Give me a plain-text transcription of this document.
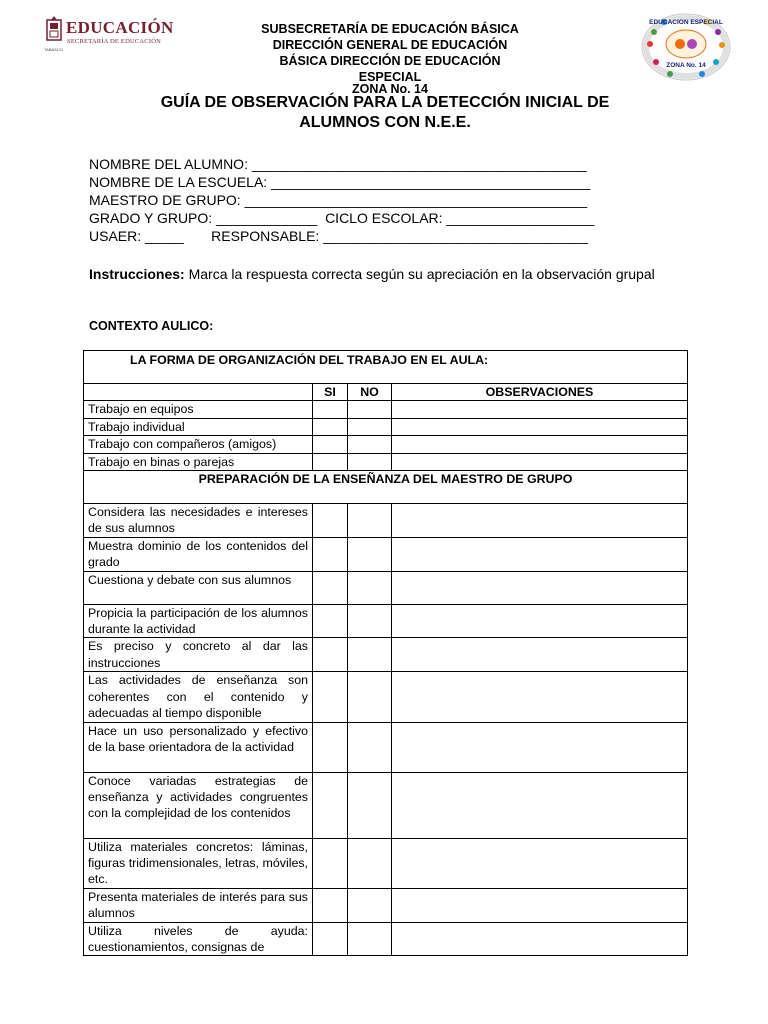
EDUCACIÓN
SECRETARÍA DE EDUCACIÓN
TABASCO
SUBSECRETARÍA DE EDUCACIÓN BÁSICA
DIRECCIÓN GENERAL DE EDUCACIÓN
BÁSICA DIRECCIÓN DE EDUCACIÓN
ESPECIAL
ZONA No. 14
EDUCACION ESPECIAL
ZONA No. 14
GUÍA DE OBSERVACIÓN PARA LA DETECCIÓN INICIAL DE
ALUMNOS CON N.E.E.
NOMBRE DEL ALUMNO: ___________________________________________
NOMBRE DE LA ESCUELA: _________________________________________
MAESTRO DE GRUPO: ____________________________________________
GRADO Y GRUPO: _____________  CICLO ESCOLAR: ___________________
USAER: _____       RESPONSABLE: __________________________________
Instrucciones: Marca la respuesta correcta según su apreciación en la observación grupal
CONTEXTO AULICO:
LA FORMA DE ORGANIZACIÓN DEL TRABAJO EN EL AULA:			
	SI	NO	OBSERVACIONES
Trabajo en equipos			
Trabajo individual			
Trabajo con compañeros (amigos)			
Trabajo en binas o parejas			
PREPARACIÓN DE LA ENSEÑANZA DEL MAESTRO DE GRUPO			
Considera las necesidades e intereses de sus alumnos			
Muestra dominio de los contenidos del grado			
Cuestiona y debate con sus alumnos			
Propicia la participación de los alumnos durante la actividad			
Es preciso y concreto al dar las instrucciones			
Las actividades de enseñanza son coherentes con el contenido y adecuadas al tiempo disponible			
Hace un uso personalizado y efectivo de la base orientadora de la actividad			
Conoce variadas estrategias de enseñanza y actividades congruentes con la complejidad de los contenidos			
Utiliza materiales concretos: láminas, figuras tridimensionales, letras, móviles, etc.			
Presenta materiales de interés para sus alumnos			
Utiliza niveles de ayuda: cuestionamientos, consignas de			
